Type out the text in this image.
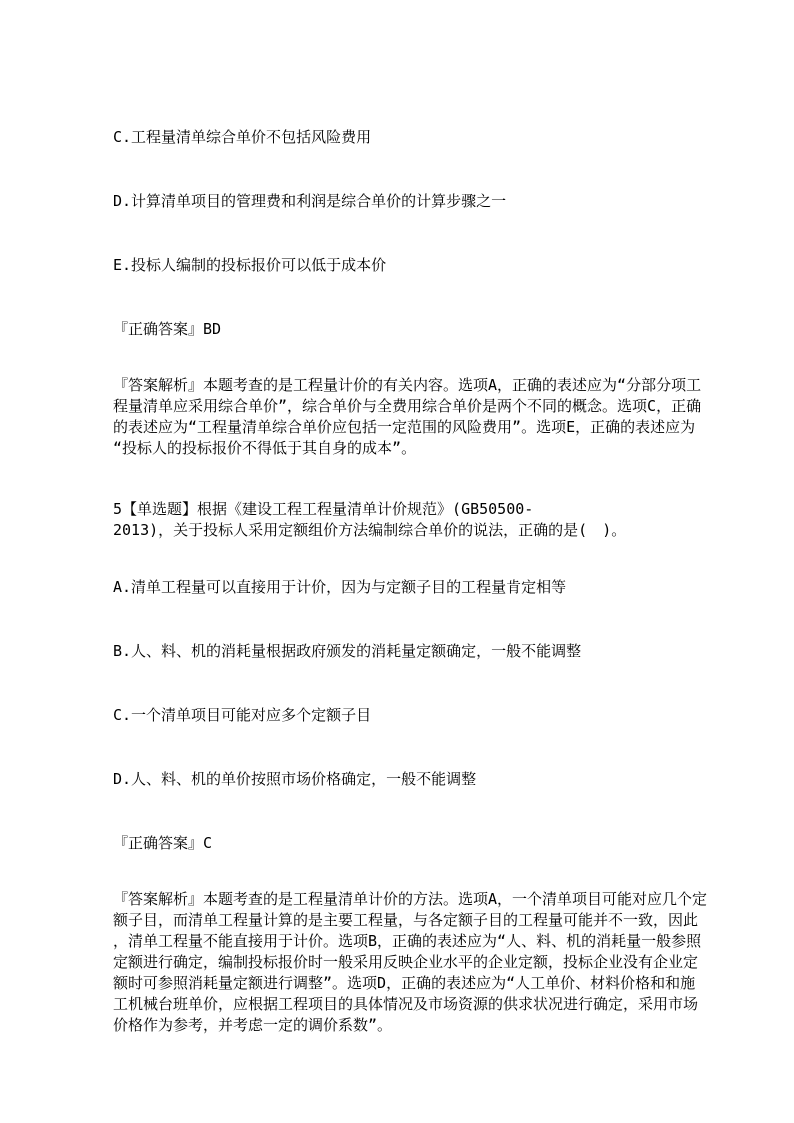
C.工程量清单综合单价不包括风险费用

D.计算清单项目的管理费和利润是综合单价的计算步骤之一

E.投标人编制的投标报价可以低于成本价

『正确答案』BD

『答案解析』本题考查的是工程量计价的有关内容。选项A，正确的表述应为“分部分项工

程量清单应采用综合单价”，综合单价与全费用综合单价是两个不同的概念。选项C，正确

的表述应为“工程量清单综合单价应包括一定范围的风险费用”。选项E，正确的表述应为

“投标人的投标报价不得低于其自身的成本”。

5【单选题】根据《建设工程工程量清单计价规范》(GB50500-

2013)，关于投标人采用定额组价方法编制综合单价的说法，正确的是(　)。

A.清单工程量可以直接用于计价，因为与定额子目的工程量肯定相等

B.人、料、机的消耗量根据政府颁发的消耗量定额确定，一般不能调整

C.一个清单项目可能对应多个定额子目

D.人、料、机的单价按照市场价格确定，一般不能调整

『正确答案』C

『答案解析』本题考查的是工程量清单计价的方法。选项A，一个清单项目可能对应几个定

额子目，而清单工程量计算的是主要工程量，与各定额子目的工程量可能并不一致，因此

，清单工程量不能直接用于计价。选项B，正确的表述应为“人、料、机的消耗量一般参照

定额进行确定，编制投标报价时一般采用反映企业水平的企业定额，投标企业没有企业定

额时可参照消耗量定额进行调整”。选项D，正确的表述应为“人工单价、材料价格和和施

工机械台班单价，应根据工程项目的具体情况及市场资源的供求状况进行确定，采用市场

价格作为参考，并考虑一定的调价系数”。
